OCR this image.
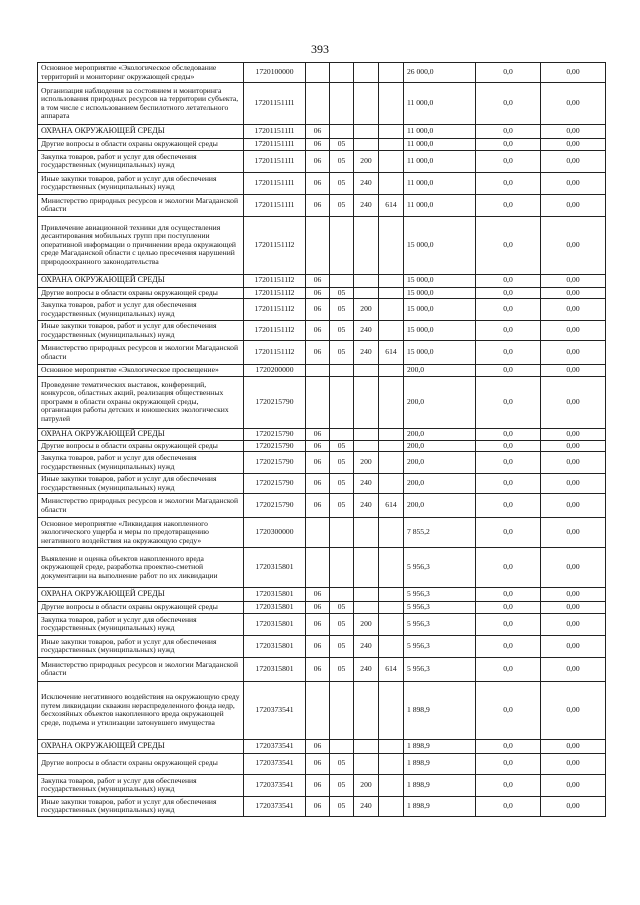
393
Основное мероприятие «Экологическое обследование территорий и мониторинг окружающей среды»	1720100000					26 000,0	0,0	0,00
Организация наблюдения за состоянием и мониторинга использования природных ресурсов на территории субъекта, в том числе с использованием беспилотного летательного аппарата	172011511I1					11 000,0	0,0	0,00
ОХРАНА ОКРУЖАЮЩЕЙ СРЕДЫ	172011511I1	06				11 000,0	0,0	0,00
Другие вопросы в области охраны окружающей среды	172011511I1	06	05			11 000,0	0,0	0,00
Закупка товаров, работ и услуг для обеспечения государственных (муниципальных) нужд	172011511I1	06	05	200		11 000,0	0,0	0,00
Иные закупки товаров, работ и услуг для обеспечения государственных (муниципальных) нужд	172011511I1	06	05	240		11 000,0	0,0	0,00
Министерство природных ресурсов и экологии Магаданской области	172011511I1	06	05	240	614	11 000,0	0,0	0,00
Привлечение авиационной техники для осуществления десантирования мобильных групп при поступлении оперативной информации о причинении вреда окружающей среде Магаданской области с целью пресечения нарушений природоохранного законодательства	172011511I2					15 000,0	0,0	0,00
ОХРАНА ОКРУЖАЮЩЕЙ СРЕДЫ	172011511I2	06				15 000,0	0,0	0,00
Другие вопросы в области охраны окружающей среды	172011511I2	06	05			15 000,0	0,0	0,00
Закупка товаров, работ и услуг для обеспечения государственных (муниципальных) нужд	172011511I2	06	05	200		15 000,0	0,0	0,00
Иные закупки товаров, работ и услуг для обеспечения государственных (муниципальных) нужд	172011511I2	06	05	240		15 000,0	0,0	0,00
Министерство природных ресурсов и экологии Магаданской области	172011511I2	06	05	240	614	15 000,0	0,0	0,00
Основное мероприятие «Экологическое просвещение»	1720200000					200,0	0,0	0,00
Проведение тематических выставок, конференций, конкурсов, областных акций, реализация общественных программ в области охраны окружающей среды, организация работы детских и юношеских экологических патрулей	1720215790					200,0	0,0	0,00
ОХРАНА ОКРУЖАЮЩЕЙ СРЕДЫ	1720215790	06				200,0	0,0	0,00
Другие вопросы в области охраны окружающей среды	1720215790	06	05			200,0	0,0	0,00
Закупка товаров, работ и услуг для обеспечения государственных (муниципальных) нужд	1720215790	06	05	200		200,0	0,0	0,00
Иные закупки товаров, работ и услуг для обеспечения государственных (муниципальных) нужд	1720215790	06	05	240		200,0	0,0	0,00
Министерство природных ресурсов и экологии Магаданской области	1720215790	06	05	240	614	200,0	0,0	0,00
Основное мероприятие «Ликвидация накопленного экологического ущерба и меры по предотвращению негативного воздействия на окружающую среду»	1720300000					7 855,2	0,0	0,00
Выявление и оценка объектов накопленного вреда окружающей среде, разработка проектно-сметной документации на выполнение работ по их ликвидации	1720315801					5 956,3	0,0	0,00
ОХРАНА ОКРУЖАЮЩЕЙ СРЕДЫ	1720315801	06				5 956,3	0,0	0,00
Другие вопросы в области охраны окружающей среды	1720315801	06	05			5 956,3	0,0	0,00
Закупка товаров, работ и услуг для обеспечения государственных (муниципальных) нужд	1720315801	06	05	200		5 956,3	0,0	0,00
Иные закупки товаров, работ и услуг для обеспечения государственных (муниципальных) нужд	1720315801	06	05	240		5 956,3	0,0	0,00
Министерство природных ресурсов и экологии Магаданской области	1720315801	06	05	240	614	5 956,3	0,0	0,00
Исключение негативного воздействия на окружающую среду путем ликвидации скважин нераспределенного фонда недр, бесхозяйных объектов накопленного вреда окружающей среде, подъема и утилизации затонувшего имущества	1720373541					1 898,9	0,0	0,00
ОХРАНА ОКРУЖАЮЩЕЙ СРЕДЫ	1720373541	06				1 898,9	0,0	0,00
Другие вопросы в области охраны окружающей среды	1720373541	06	05			1 898,9	0,0	0,00
Закупка товаров, работ и услуг для обеспечения государственных (муниципальных) нужд	1720373541	06	05	200		1 898,9	0,0	0,00
Иные закупки товаров, работ и услуг для обеспечения государственных (муниципальных) нужд	1720373541	06	05	240		1 898,9	0,0	0,00
